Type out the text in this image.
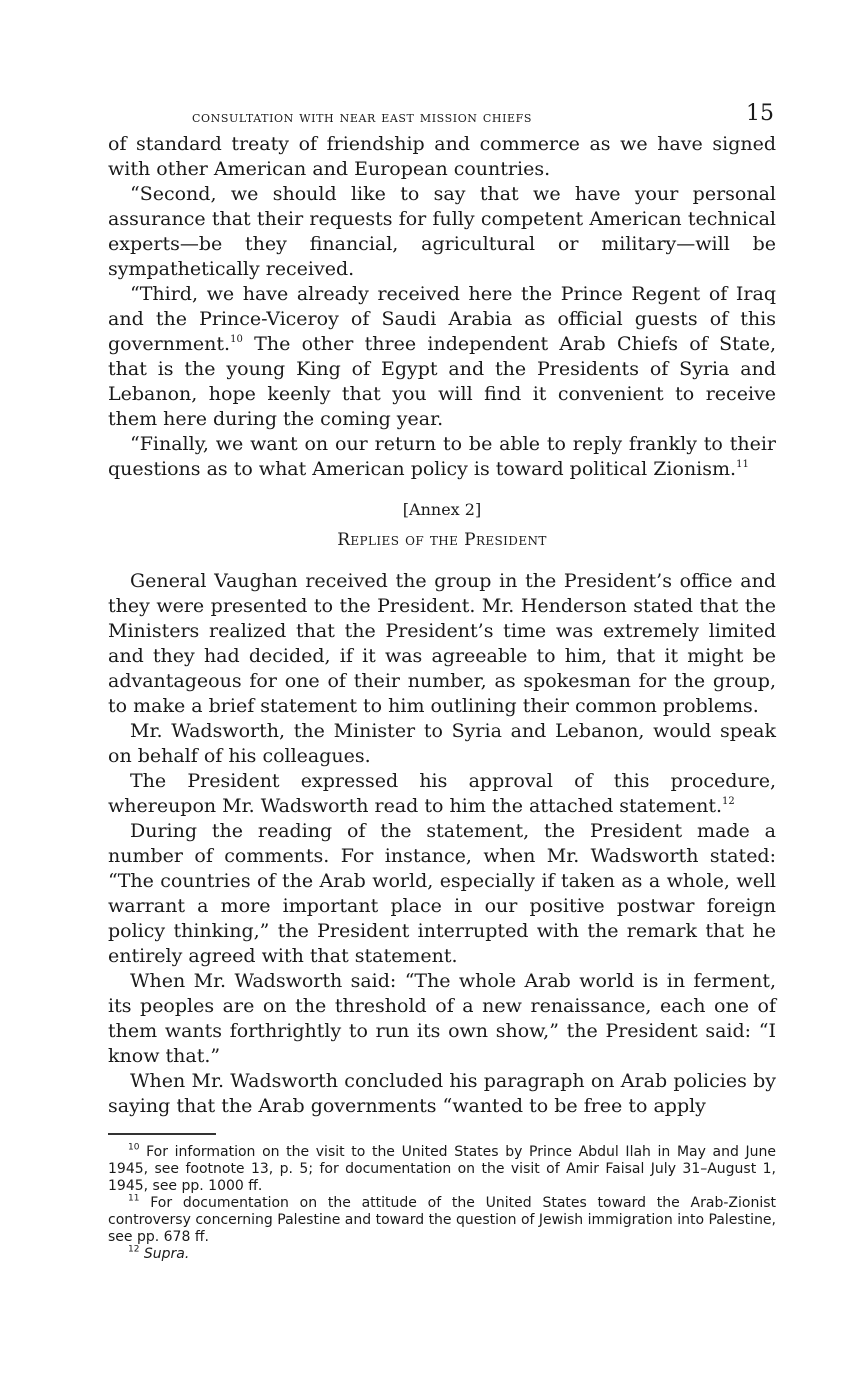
consultation with near east mission chiefs	15

of standard treaty of friendship and commerce as we have signed with other American and European countries.

“Second, we should like to say that we have your personal assurance that their requests for fully competent American technical experts—be they financial, agricultural or military—will be sympathetically received.

“Third, we have already received here the Prince Regent of Iraq and the Prince-Viceroy of Saudi Arabia as official guests of this government.$^{10}$ The other three independent Arab Chiefs of State, that is the young King of Egypt and the Presidents of Syria and Lebanon, hope keenly that you will find it convenient to receive them here during the coming year.

“Finally, we want on our return to be able to reply frankly to their questions as to what American policy is toward political Zionism.$^{11}$

[Annex 2]
Replies of the President

General Vaughan received the group in the President’s office and they were presented to the President. Mr. Henderson stated that the Ministers realized that the President’s time was extremely limited and they had decided, if it was agreeable to him, that it might be advantageous for one of their number, as spokesman for the group, to make a brief statement to him outlining their common problems.

Mr. Wadsworth, the Minister to Syria and Lebanon, would speak on behalf of his colleagues.

The President expressed his approval of this procedure, whereupon Mr. Wadsworth read to him the attached statement.$^{12}$

During the reading of the statement, the President made a number of comments. For instance, when Mr. Wadsworth stated: “The countries of the Arab world, especially if taken as a whole, well warrant a more important place in our positive postwar foreign policy thinking,” the President interrupted with the remark that he entirely agreed with that statement.

When Mr. Wadsworth said: “The whole Arab world is in ferment, its peoples are on the threshold of a new renaissance, each one of them wants forthrightly to run its own show,” the President said: “I know that.”

When Mr. Wadsworth concluded his paragraph on Arab policies by saying that the Arab governments “wanted to be free to apply

$^{10}$ For information on the visit to the United States by Prince Abdul Ilah in May and June 1945, see footnote 13, p. 5; for documentation on the visit of Amir Faisal July 31–August 1, 1945, see pp. 1000 ff.

$^{11}$ For documentation on the attitude of the United States toward the Arab-Zionist controversy concerning Palestine and toward the question of Jewish immigration into Palestine, see pp. 678 ff.

$^{12}$ Supra.
